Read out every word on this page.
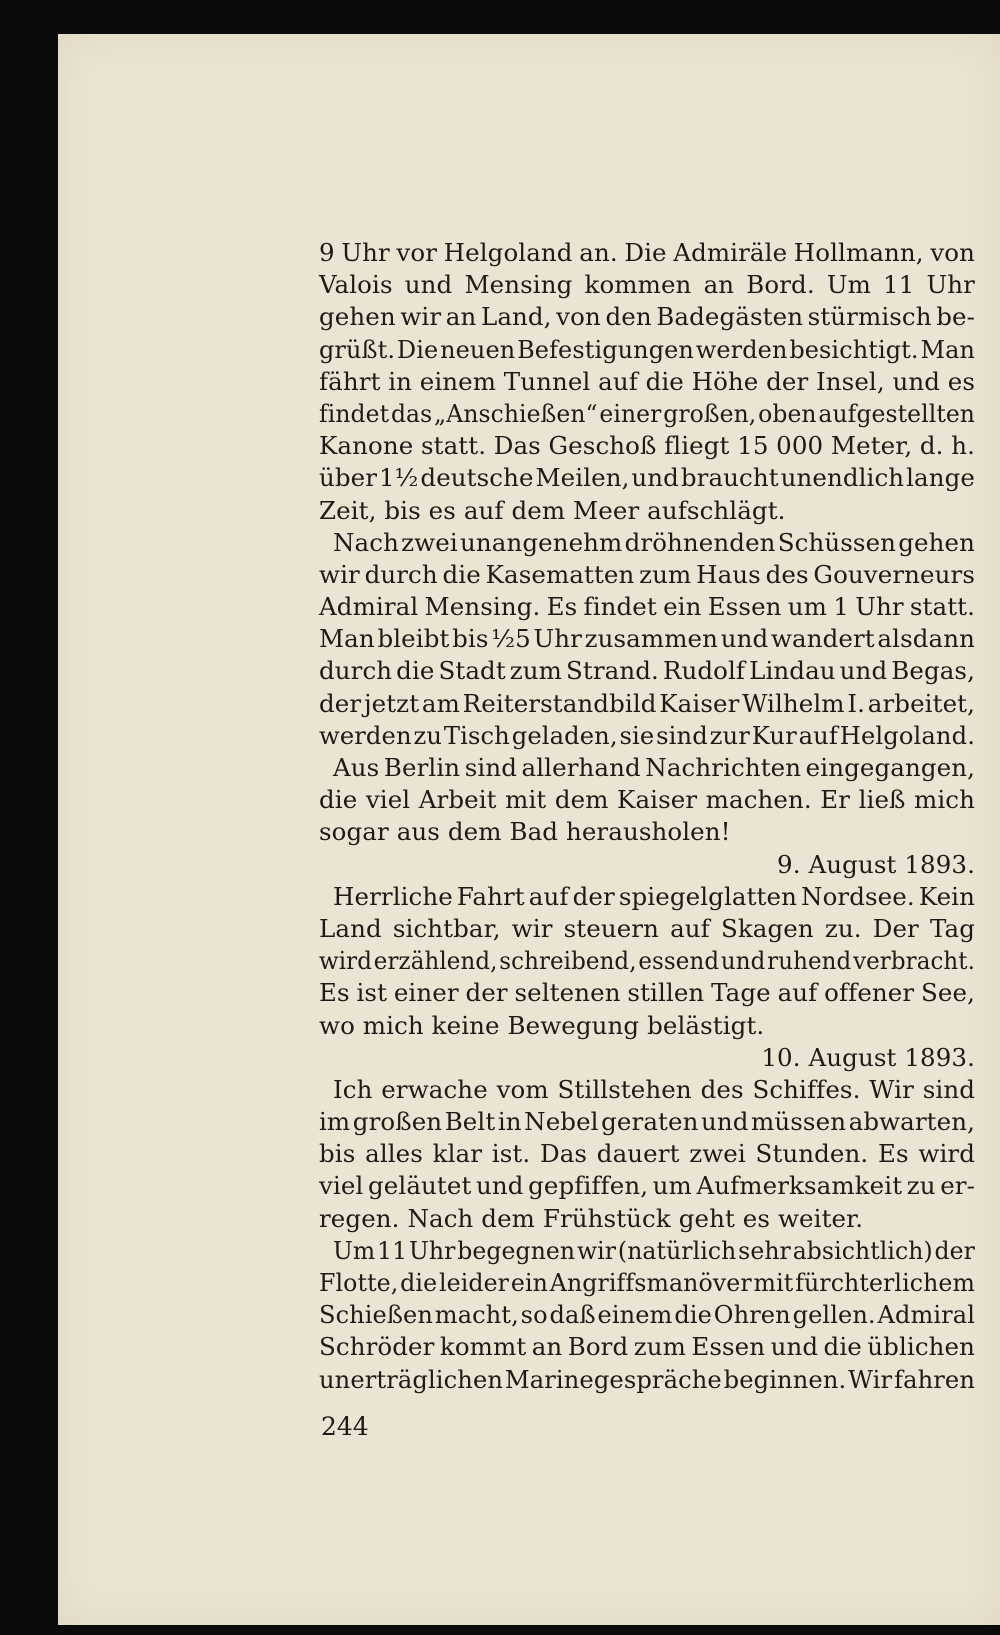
9 Uhr vor Helgoland an. Die Admiräle Hollmann, von
Valois und Mensing kommen an Bord. Um 11 Uhr
gehen wir an Land, von den Badegästen stürmisch be-
grüßt. Die neuen Befestigungen werden besichtigt. Man
fährt in einem Tunnel auf die Höhe der Insel, und es
findet das „Anschießen“ einer großen, oben aufgestellten
Kanone statt. Das Geschoß fliegt 15 000 Meter, d. h.
über 1½ deutsche Meilen, und braucht unendlich lange
Zeit, bis es auf dem Meer aufschlägt.
Nach zwei unangenehm dröhnenden Schüssen gehen
wir durch die Kasematten zum Haus des Gouverneurs
Admiral Mensing. Es findet ein Essen um 1 Uhr statt.
Man bleibt bis ½5 Uhr zusammen und wandert alsdann
durch die Stadt zum Strand. Rudolf Lindau und Begas,
der jetzt am Reiterstandbild Kaiser Wilhelm I. arbeitet,
werden zu Tisch geladen, sie sind zur Kur auf Helgoland.
Aus Berlin sind allerhand Nachrichten eingegangen,
die viel Arbeit mit dem Kaiser machen. Er ließ mich
sogar aus dem Bad herausholen!
9. August 1893.
Herrliche Fahrt auf der spiegelglatten Nordsee. Kein
Land sichtbar, wir steuern auf Skagen zu. Der Tag
wird erzählend, schreibend, essend und ruhend verbracht.
Es ist einer der seltenen stillen Tage auf offener See,
wo mich keine Bewegung belästigt.
10. August 1893.
Ich erwache vom Stillstehen des Schiffes. Wir sind
im großen Belt in Nebel geraten und müssen abwarten,
bis alles klar ist. Das dauert zwei Stunden. Es wird
viel geläutet und gepfiffen, um Aufmerksamkeit zu er-
regen. Nach dem Frühstück geht es weiter.
Um 11 Uhr begegnen wir (natürlich sehr absichtlich) der
Flotte, die leider ein Angriffsmanöver mit fürchterlichem
Schießen macht, so daß einem die Ohren gellen. Admiral
Schröder kommt an Bord zum Essen und die üblichen
unerträglichen Marinegespräche beginnen. Wir fahren
244
